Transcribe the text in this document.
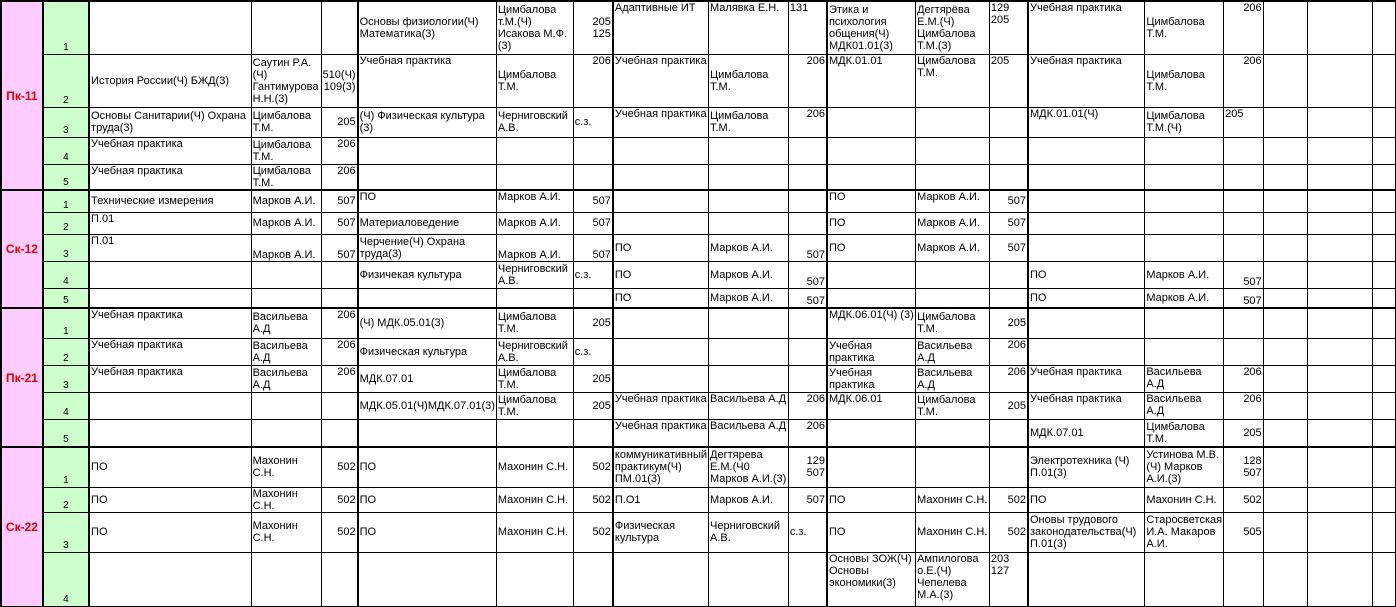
Пк-11	1				Основы физиологии(Ч) Математика(3)	Цимбалова т.М.(Ч) Исакова М.Ф.(3)	205 125	Адаптивные ИТ	Малявка Е.Н.	131	Этика и психология общения(Ч) МДК01.01(3)	Дегтярёва Е.М.(Ч) Цимбалова Т.М.(3)	129 205	Учебная практика	Цимбалова Т.М.	206			
	2	История России(Ч) БЖД(3)	Саутин Р.А.(Ч) Гантимурова Н.Н.(3)	510(Ч) 109(3)	Учебная практика	Цимбалова Т.М.	206	Учебная практика	Цимбалова Т.М.	206	МДК.01.01	Цимбалова Т.М.	205	Учебная практика	Цимбалова Т.М.	206			
	3	Основы Санитарии(Ч) Охрана труда(3)	Цимбалова Т.М.	205	(Ч) Физическая культура (3)	Черниговский А.В.	с.з.	Учебная практика	Цимбалова Т.М.	206				МДК.01.01(Ч)	Цимбалова Т.М.(Ч)	205			
	4	Учебная практика	Цимбалова Т.М.	206															
	5	Учебная практика	Цимбалова Т.М.	206															
Ск-12	1	Технические измерения	Марков А.И.	507	ПО	Марков А.И.	507				ПО	Марков А.И.	507						
	2	П.01	Марков А.И.	507	Материаловедение	Марков А.И.	507				ПО	Марков А.И.	507						
	3	П.01	Марков А.И.	507	Черчение(Ч) Охрана труда(3)	Марков А.И.	507	ПО	Марков А.И.	507	ПО	Марков А.И.	507						
	4				Физичекая культура	Черниговский А.В.	с.з.	ПО	Марков А.И.	507				ПО	Марков А.И.	507			
	5							ПО	Марков А.И.	507				ПО	Марков А.И.	507			
Пк-21	1	Учебная практика	Васильева А.Д	206	(Ч) МДК.05.01(3)	Цимбалова Т.М.	205				МДК.06.01(Ч) (3)	Цимбалова Т.М.	205						
	2	Учебная практика	Васильева А.Д	206	Физическая культура	Черниговский А.В.	с.з.				Учебная практика	Васильева А.Д	206						
	3	Учебная практика	Васильева А.Д	206	МДК.07.01	Цимбалова Т.М.	205				Учебная практика	Васильева А.Д	206	Учебная практика	Васильева А.Д	206			
	4				МДК.05.01(Ч)МДК.07.01(3)	Цимбалова Т.М.	205	Учебная практика	Васильева А.Д	206	МДК.06.01	Цимбалова Т.М.	205	Учебная практика	Васильева А.Д	206			
	5							Учебная практика	Васильева А.Д	206				МДК.07.01	Цимбалова Т.М.	205			
Ск-22	1	ПО	Махонин С.Н.	502	ПО	Махонин С.Н.	502	коммуникативный практикум(Ч) ПМ.01(3)	Дегтярева Е.М.(Ч0 Марков А.И.(3)	129 507				Электротехника (Ч) П.01(3)	Устинова М.В.(Ч) Марков А.И.(3)	128 507			
	2	ПО	Махонин С.Н.	502	ПО	Махонин С.Н.	502	П.О1	Марков А.И.	507	ПО	Махонин С.Н.	502	ПО	Махонин С.Н.	502			
	3	ПО	Махонин С.Н.	502	ПО	Махонин С.Н.	502	Физическая культура	Черниговский А.В.	с.з.	ПО	Махонин С.Н.	502	Оновы трудового законодательства(Ч) П.01(3)	Старосветская И.А. Макаров А.И.	505			
	4										Основы ЗОЖ(Ч) Основы экономики(3)	Ампилогова о.Е.(Ч) Чепелева М.А.(3)	203 127						
